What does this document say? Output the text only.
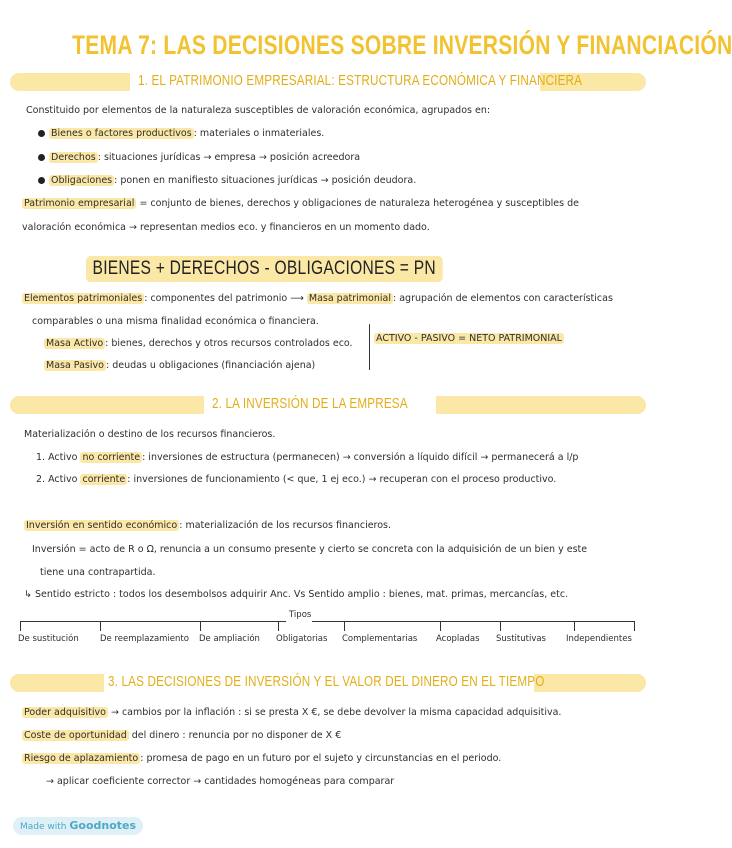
TEMA 7: LAS DECISIONES SOBRE INVERSIÓN Y FINANCIACIÓN
1. EL PATRIMONIO EMPRESARIAL: ESTRUCTURA ECONÓMICA Y FINANCIERA
Constituido por elementos de la naturaleza susceptibles de valoración económica, agrupados en:
Bienes o factores productivos : materiales o inmateriales.
Derechos : situaciones jurídicas → empresa → posición acreedora
Obligaciones : ponen en manifiesto situaciones jurídicas → posición deudora.
Patrimonio empresarial = conjunto de bienes, derechos y obligaciones de naturaleza heterogénea y susceptibles de
valoración económica → representan medios eco. y financieros en un momento dado.
BIENES + DERECHOS - OBLIGACIONES = PN
Elementos patrimoniales : componentes del patrimonio ⟶ Masa patrimonial : agrupación de elementos con características
comparables o una misma finalidad económica o financiera.
Masa Activo : bienes, derechos y otros recursos controlados eco.
Masa Pasivo : deudas u obligaciones (financiación ajena)
ACTIVO - PASIVO = NETO PATRIMONIAL
2. LA INVERSIÓN DE LA EMPRESA
Materialización o destino de los recursos financieros.
1. Activo no corriente : inversiones de estructura (permanecen) → conversión a líquido difícil → permanecerá a l/p
2. Activo corriente : inversiones de funcionamiento (< que, 1 ej eco.) → recuperan con el proceso productivo.
Inversión en sentido económico : materialización de los recursos financieros.
Inversión = acto de R o Ω, renuncia a un consumo presente y cierto se concreta con la adquisición de un bien y este
tiene una contrapartida.
↳ Sentido estricto : todos los desembolsos adquirir Anc. Vs Sentido amplio : bienes, mat. primas, mercancías, etc.
Tipos
De sustitución De reemplazamiento De ampliación Obligatorias Complementarias Acopladas Sustitutivas Independientes
3. LAS DECISIONES DE INVERSIÓN Y EL VALOR DEL DINERO EN EL TIEMPO
Poder adquisitivo → cambios por la inflación : si se presta X €, se debe devolver la misma capacidad adquisitiva.
Coste de oportunidad del dinero : renuncia por no disponer de X €
Riesgo de aplazamiento : promesa de pago en un futuro por el sujeto y circunstancias en el periodo.
→ aplicar coeficiente corrector → cantidades homogéneas para comparar
Made with Goodnotes
